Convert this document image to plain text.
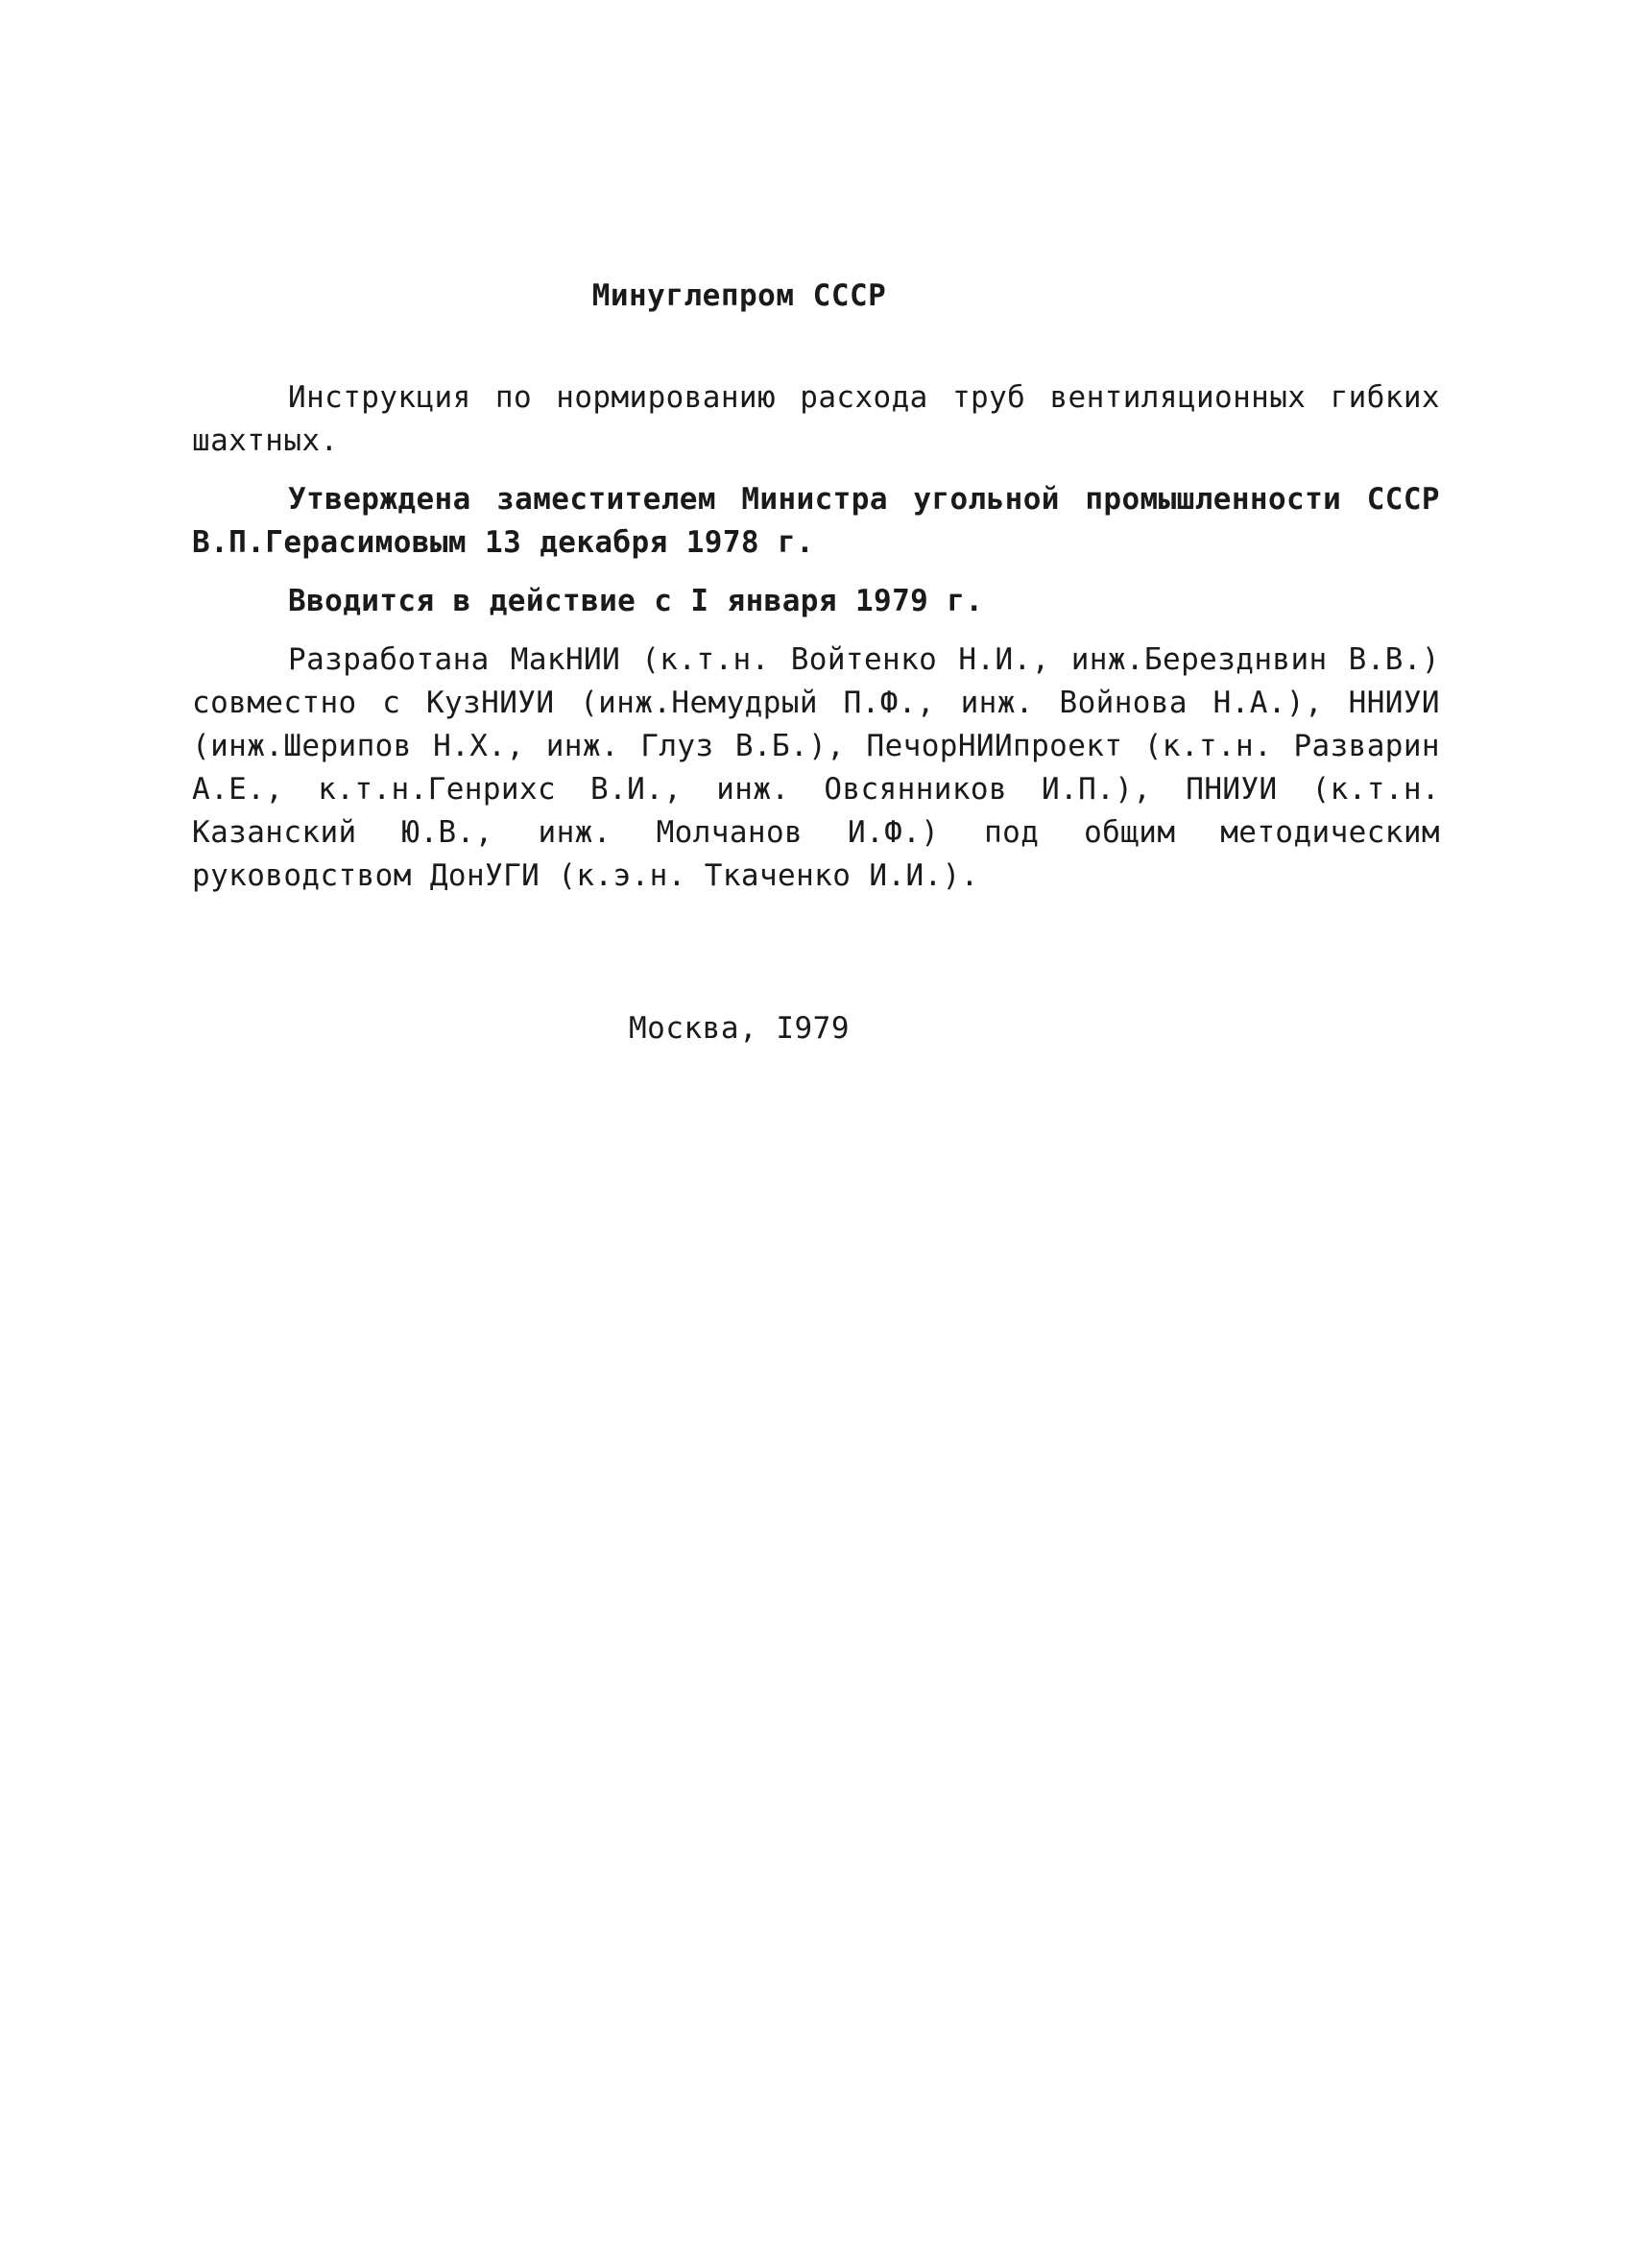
Минуглепром СССР

Инструкция по нормированию расхода труб вентиляционных гибких шахтных.

Утверждена заместителем Министра угольной промышленности СССР В.П.Герасимовым 13 декабря 1978 г.

Вводится в действие с I января 1979 г.

Разработана МакНИИ (к.т.н. Войтенко Н.И., инж.Березднвин В.В.) совместно с КузНИУИ (инж.Немудрый П.Ф., инж. Войнова Н.А.), ННИУИ (инж.Шерипов Н.Х., инж. Глуз В.Б.), ПечорНИИпроект (к.т.н. Разварин А.Е., к.т.н.Генрихс В.И., инж. Овсянников И.П.), ПНИУИ (к.т.н. Казанский Ю.В., инж. Молчанов И.Ф.) под общим методическим руководством ДонУГИ (к.э.н. Ткаченко И.И.).

Москва, I979
